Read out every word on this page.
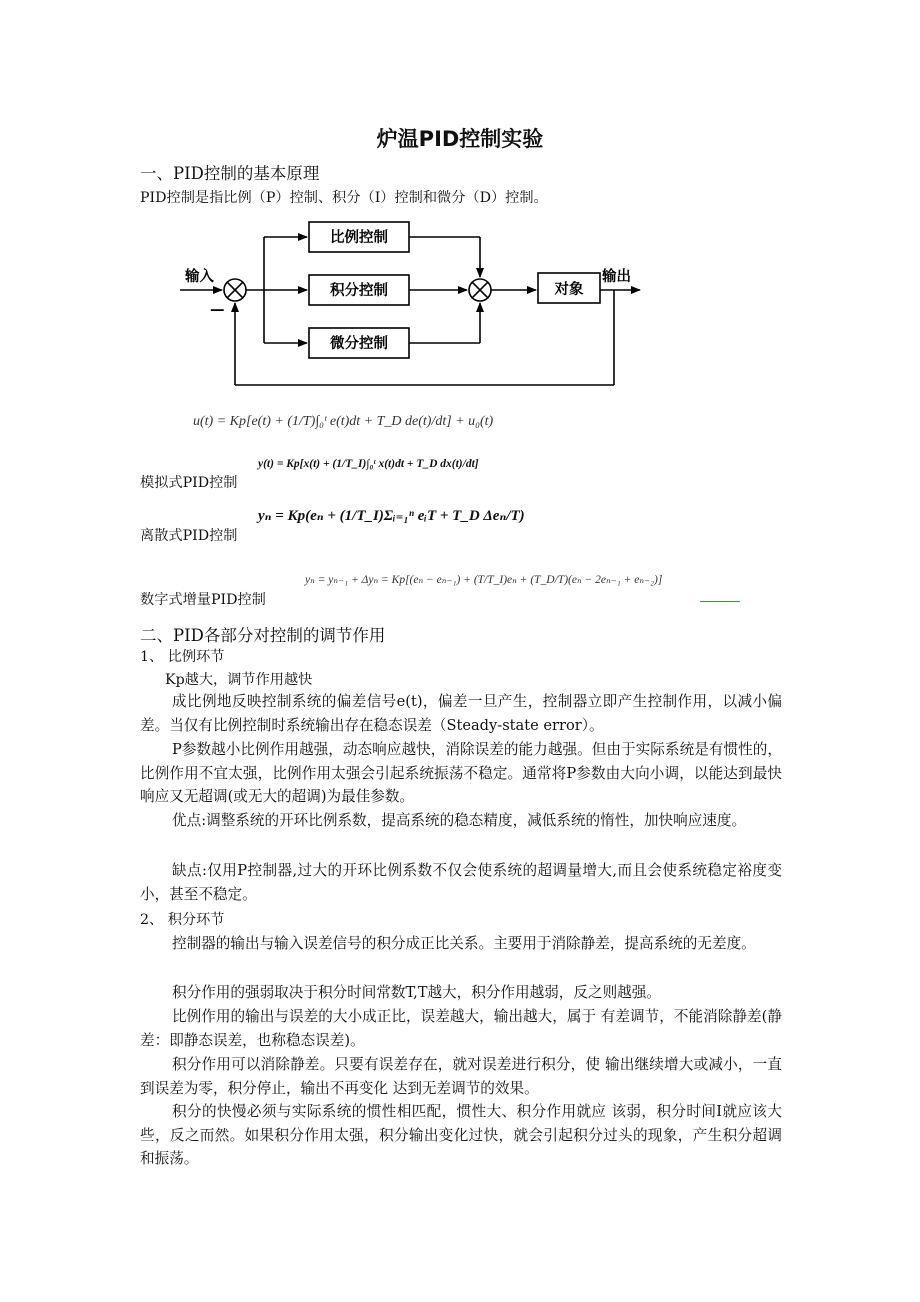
炉温PID控制实验
一、PID控制的基本原理
PID控制是指比例（P）控制、积分（I）控制和微分（D）控制。
输入
—
输出
比例控制
积分控制
微分控制
对象
u(t) = Kp[e(t) + (1/T)∫₀ᵗ e(t)dt + T_D de(t)/dt] + u₀(t)
模拟式PID控制
y(t) = Kp[x(t) + (1/T_I)∫₀ᵗ x(t)dt + T_D dx(t)/dt]
离散式PID控制
yₙ = Kp(eₙ + (1/T_I)Σᵢ₌₁ⁿ eᵢT + T_D Δeₙ/T)
数字式增量PID控制
yₙ = yₙ₋₁ + Δyₙ = Kp[(eₙ − eₙ₋₁) + (T/T_I)eₙ + (T_D/T)(eₙ − 2eₙ₋₁ + eₙ₋₂)]
二、PID各部分对控制的调节作用
1、 比例环节
Kp越大，调节作用越快
成比例地反映控制系统的偏差信号e(t)，偏差一旦产生，控制器立即产生控制作用，以减小偏差。当仅有比例控制时系统输出存在稳态误差（Steady-state error）。
P参数越小比例作用越强，动态响应越快，消除误差的能力越强。但由于实际系统是有惯性的，比例作用不宜太强，比例作用太强会引起系统振荡不稳定。通常将P参数由大向小调，以能达到最快响应又无超调(或无大的超调)为最佳参数。
优点:调整系统的开环比例系数，提高系统的稳态精度，减低系统的惰性，加快响应速度。
缺点:仅用P控制器,过大的开环比例系数不仅会使系统的超调量增大,而且会使系统稳定裕度变小，甚至不稳定。
2、 积分环节
控制器的输出与输入误差信号的积分成正比关系。主要用于消除静差，提高系统的无差度。
积分作用的强弱取决于积分时间常数T,T越大，积分作用越弱，反之则越强。
比例作用的输出与误差的大小成正比，误差越大，输出越大，属于 有差调节，不能消除静差(静差：即静态误差，也称稳态误差)。
积分作用可以消除静差。只要有误差存在，就对误差进行积分，使 输出继续增大或减小，一直到误差为零，积分停止，输出不再变化 达到无差调节的效果。
积分的快慢必须与实际系统的惯性相匹配，惯性大、积分作用就应 该弱，积分时间I就应该大些，反之而然。如果积分作用太强，积分输出变化过快，就会引起积分过头的现象，产生积分超调和振荡。
